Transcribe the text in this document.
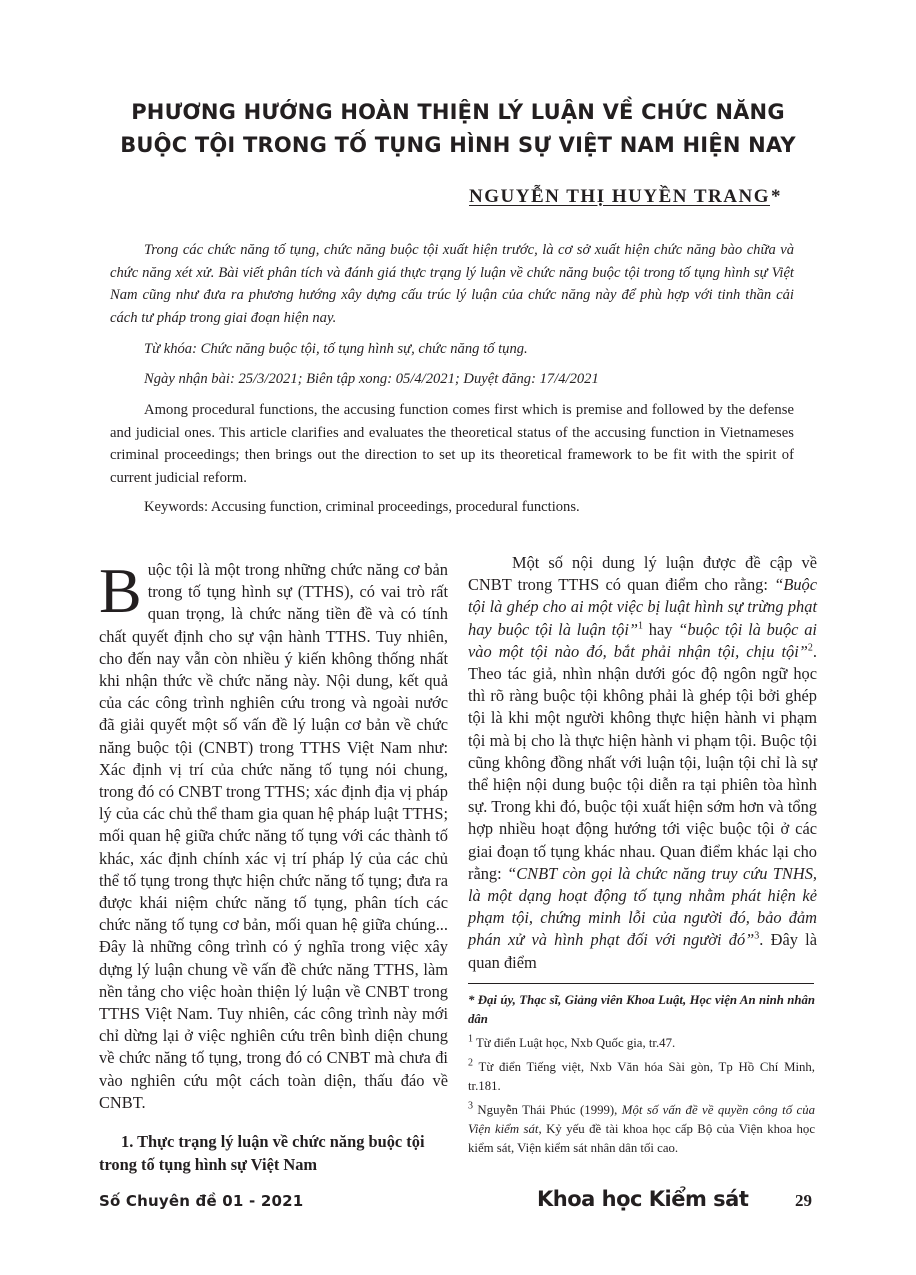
PHƯƠNG HƯỚNG HOÀN THIỆN LÝ LUẬN VỀ CHỨC NĂNG
BUỘC TỘI TRONG TỐ TỤNG HÌNH SỰ VIỆT NAM HIỆN NAY
NGUYỄN THỊ HUYỀN TRANG *
Trong các chức năng tố tụng, chức năng buộc tội xuất hiện trước, là cơ sở xuất hiện chức năng bào chữa và chức năng xét xử. Bài viết phân tích và đánh giá thực trạng lý luận về chức năng buộc tội trong tố tụng hình sự Việt Nam cũng như đưa ra phương hướng xây dựng cấu trúc lý luận của chức năng này để phù hợp với tinh thần cải cách tư pháp trong giai đoạn hiện nay.
Từ khóa: Chức năng buộc tội, tố tụng hình sự, chức năng tố tụng.
Ngày nhận bài: 25/3/2021; Biên tập xong: 05/4/2021; Duyệt đăng: 17/4/2021
Among procedural functions, the accusing function comes first which is premise and followed by the defense and judicial ones. This article clarifies and evaluates the theoretical status of the accusing function in Vietnameses criminal proceedings; then brings out the direction to set up its theoretical framework to be fit with the spirit of current judicial reform.
Keywords: Accusing function, criminal proceedings, procedural functions.

Buộc tội là một trong những chức năng cơ bản trong tố tụng hình sự (TTHS), có vai trò rất quan trọng, là chức năng tiền đề và có tính chất quyết định cho sự vận hành TTHS. Tuy nhiên, cho đến nay vẫn còn nhiều ý kiến không thống nhất khi nhận thức về chức năng này. Nội dung, kết quả của các công trình nghiên cứu trong và ngoài nước đã giải quyết một số vấn đề lý luận cơ bản về chức năng buộc tội (CNBT) trong TTHS Việt Nam như: Xác định vị trí của chức năng tố tụng nói chung, trong đó có CNBT trong TTHS; xác định địa vị pháp lý của các chủ thể tham gia quan hệ pháp luật TTHS; mối quan hệ giữa chức năng tố tụng với các thành tố khác, xác định chính xác vị trí pháp lý của các chủ thể tố tụng trong thực hiện chức năng tố tụng; đưa ra được khái niệm chức năng tố tụng, phân tích các chức năng tố tụng cơ bản, mối quan hệ giữa chúng... Đây là những công trình có ý nghĩa trong việc xây dựng lý luận chung về vấn đề chức năng TTHS, làm nền tảng cho việc hoàn thiện lý luận về CNBT trong TTHS Việt Nam. Tuy nhiên, các công trình này mới chỉ dừng lại ở việc nghiên cứu trên bình diện chung về chức năng tố tụng, trong đó có CNBT mà chưa đi vào nghiên cứu một cách toàn diện, thấu đáo về CNBT.

1. Thực trạng lý luận về chức năng buộc tội trong tố tụng hình sự Việt Nam

Một số nội dung lý luận được đề cập về CNBT trong TTHS có quan điểm cho rằng: “Buộc tội là ghép cho ai một việc bị luật hình sự trừng phạt hay buộc tội là luận tội”$^1$ hay “buộc tội là buộc ai vào một tội nào đó, bắt phải nhận tội, chịu tội”$^2$. Theo tác giả, nhìn nhận dưới góc độ ngôn ngữ học thì rõ ràng buộc tội không phải là ghép tội bởi ghép tội là khi một người không thực hiện hành vi phạm tội mà bị cho là thực hiện hành vi phạm tội. Buộc tội cũng không đồng nhất với luận tội, luận tội chỉ là sự thể hiện nội dung buộc tội diễn ra tại phiên tòa hình sự. Trong khi đó, buộc tội xuất hiện sớm hơn và tổng hợp nhiều hoạt động hướng tới việc buộc tội ở các giai đoạn tố tụng khác nhau. Quan điểm khác lại cho rằng: “CNBT còn gọi là chức năng truy cứu TNHS, là một dạng hoạt động tố tụng nhằm phát hiện kẻ phạm tội, chứng minh lỗi của người đó, bảo đảm phán xử và hình phạt đối với người đó”$^3$. Đây là quan điểm

* Đại úy, Thạc sĩ, Giảng viên Khoa Luật, Học viện An ninh nhân dân

$^1$ Từ điển Luật học, Nxb Quốc gia, tr.47.

$^2$ Từ điển Tiếng việt, Nxb Văn hóa Sài gòn, Tp Hồ Chí Minh, tr.181.

$^3$ Nguyễn Thái Phúc (1999), Một số vấn đề về quyền công tố của Viện kiểm sát, Kỷ yếu đề tài khoa học cấp Bộ của Viện khoa học kiểm sát, Viện kiểm sát nhân dân tối cao.

Số Chuyên đề 01 - 2021	Khoa học Kiểm sát	29
